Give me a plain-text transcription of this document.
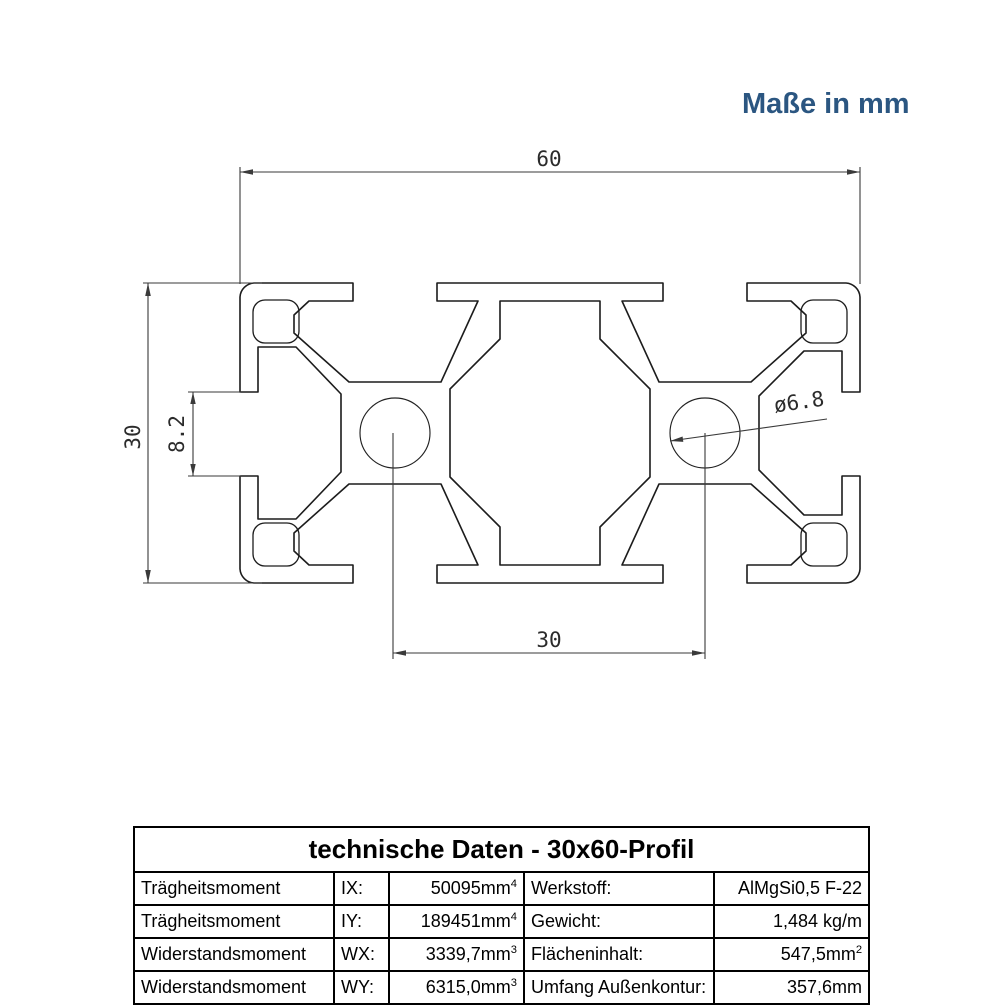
Maße in mm
60
30 8.2
30
ø6.8
technische Daten - 30x60-Profil				
Trägheitsmoment	IX:	$50095mm^4$	Werkstoff:	AlMgSi0,5 F-22
Trägheitsmoment	IY:	$189451mm^4$	Gewicht:	1,484 kg/m
Widerstandsmoment	WX:	$3339,7mm^3$	Flächeninhalt:	$547,5mm^2$
Widerstandsmoment	WY:	$6315,0mm^3$	Umfang Außenkontur:	357,6mm
